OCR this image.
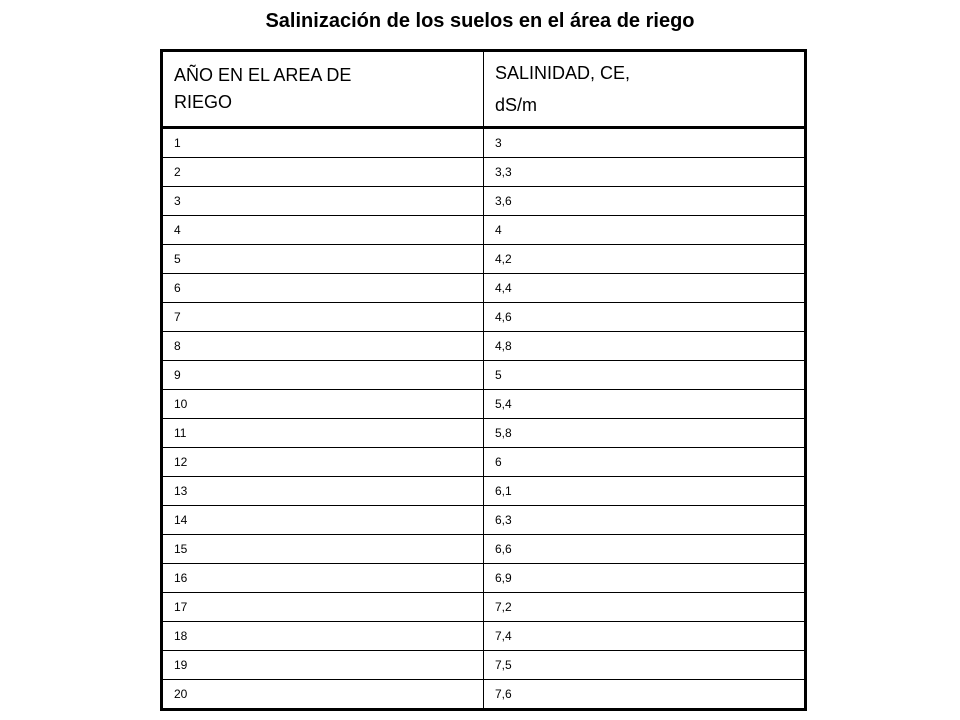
Salinización de los suelos en el área de riego
AÑO EN EL AREA DE
RIEGO	SALINIDAD, CE,
dS/m

1	3
2	3,3
3	3,6
4	4
5	4,2
6	4,4
7	4,6
8	4,8
9	5
10	5,4
11	5,8
12	6
13	6,1
14	6,3
15	6,6
16	6,9
17	7,2
18	7,4
19	7,5
20	7,6
